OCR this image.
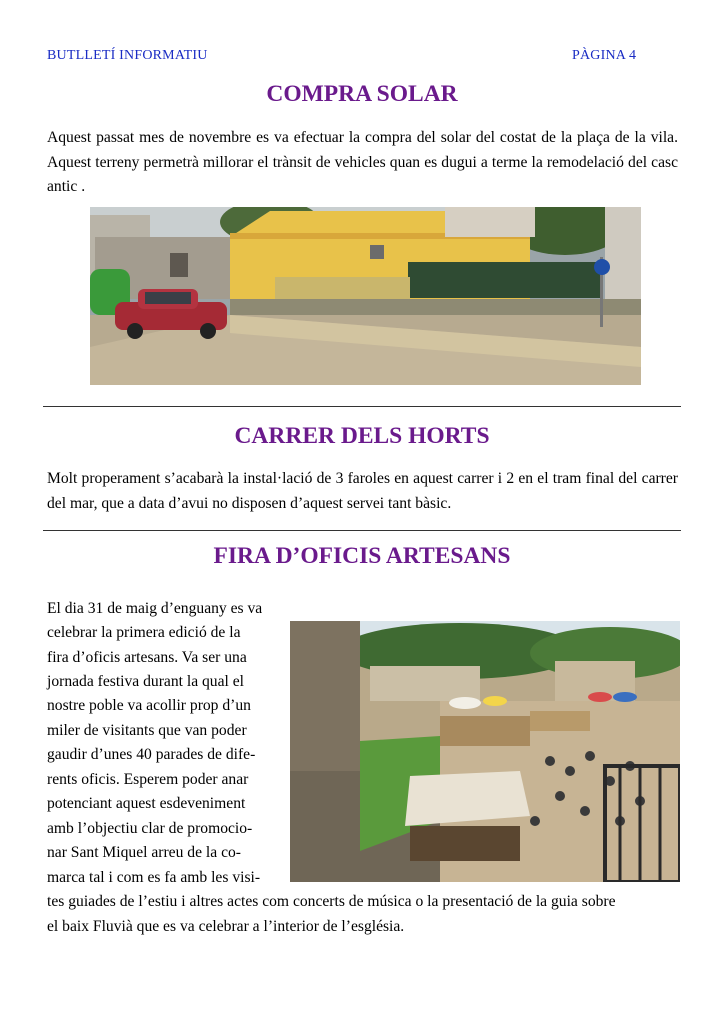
BUTLLETÍ INFORMATIU	PÀGINA 4
COMPRA SOLAR
Aquest passat mes de novembre es va efectuar la compra del solar del costat de la plaça de la vila. Aquest terreny permetrà millorar el trànsit de vehicles quan es dugui a terme la remodelació del casc antic .
CARRER DELS HORTS
Molt properament s’acabarà la instal·lació de 3 faroles en aquest carrer i 2 en el tram final del carrer del mar, que a data d’avui no disposen d’aquest servei tant bàsic.
FIRA D’OFICIS ARTESANS
El dia 31 de maig d’enguany es va
celebrar la primera edició de la
fira d’oficis artesans. Va ser una
jornada festiva durant la qual el
nostre poble va acollir prop d’un
miler de visitants que van poder
gaudir d’unes 40 parades de dife-
rents oficis. Esperem poder anar
potenciant aquest esdeveniment
amb l’objectiu clar de promocio-
nar Sant Miquel arreu de la co-
marca tal i com es fa amb les visi-
tes guiades de l’estiu i altres actes com concerts de música o la presentació de la guia sobre
el baix Fluvià que es va celebrar a l’interior de l’església.
